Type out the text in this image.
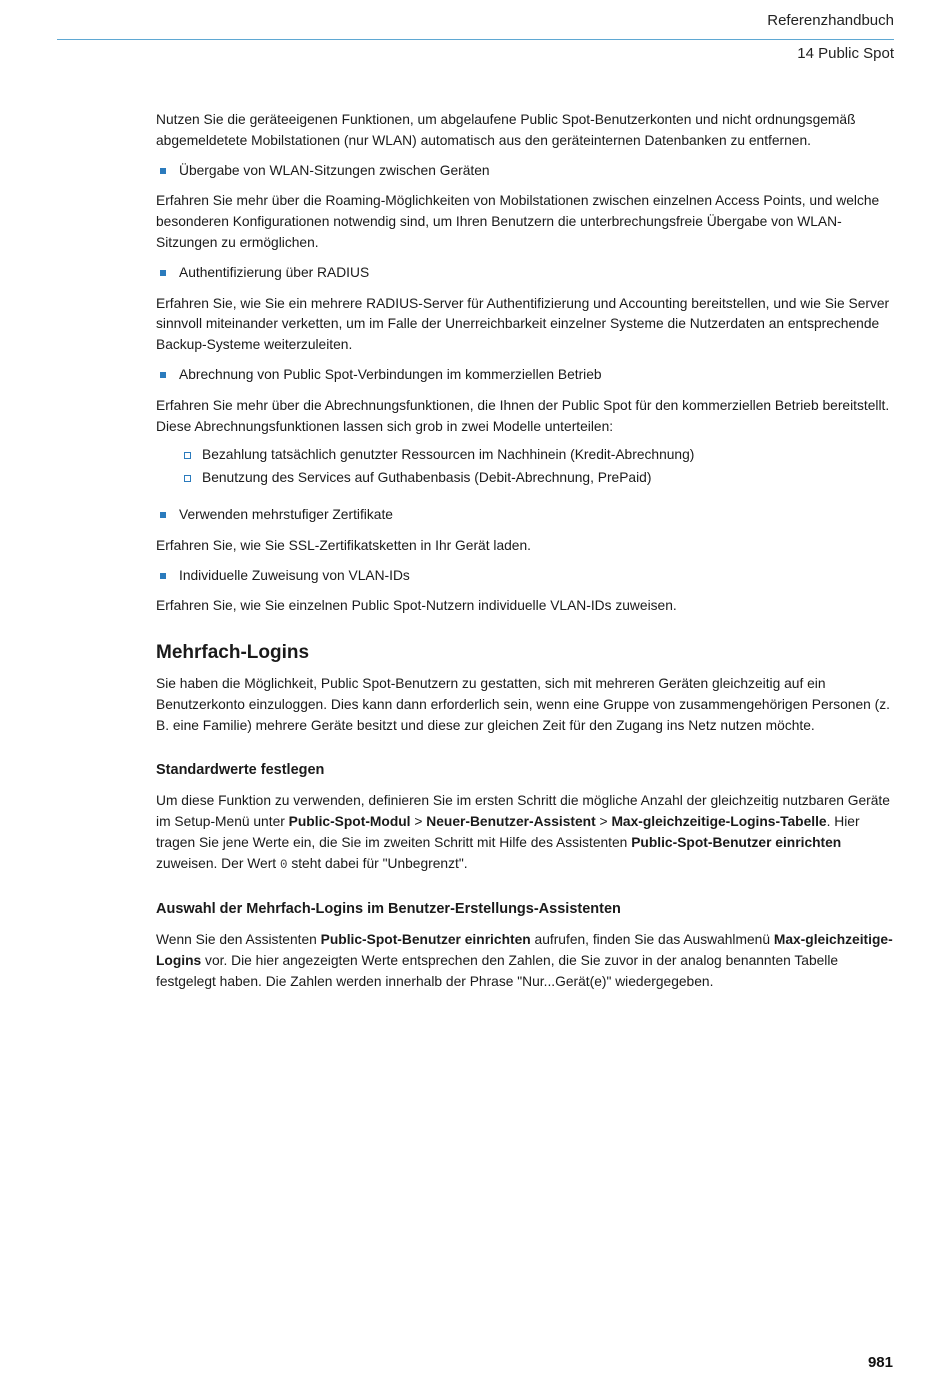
Referenzhandbuch
14 Public Spot

Nutzen Sie die geräteeigenen Funktionen, um abgelaufene Public Spot-Benutzerkonten und nicht ordnungsgemäß abgemeldetete Mobilstationen (nur WLAN) automatisch aus den geräteinternen Datenbanken zu entfernen.

Übergabe von WLAN-Sitzungen zwischen Geräten

Erfahren Sie mehr über die Roaming-Möglichkeiten von Mobilstationen zwischen einzelnen Access Points, und welche besonderen Konfigurationen notwendig sind, um Ihren Benutzern die unterbrechungsfreie Übergabe von WLAN-Sitzungen zu ermöglichen.

Authentifizierung über RADIUS

Erfahren Sie, wie Sie ein mehrere RADIUS-Server für Authentifizierung und Accounting bereitstellen, und wie Sie Server sinnvoll miteinander verketten, um im Falle der Unerreichbarkeit einzelner Systeme die Nutzerdaten an entsprechende Backup-Systeme weiterzuleiten.

Abrechnung von Public Spot-Verbindungen im kommerziellen Betrieb

Erfahren Sie mehr über die Abrechnungsfunktionen, die Ihnen der Public Spot für den kommerziellen Betrieb bereitstellt. Diese Abrechnungsfunktionen lassen sich grob in zwei Modelle unterteilen:

Bezahlung tatsächlich genutzter Ressourcen im Nachhinein (Kredit-Abrechnung)
Benutzung des Services auf Guthabenbasis (Debit-Abrechnung, PrePaid)
Verwenden mehrstufiger Zertifikate

Erfahren Sie, wie Sie SSL-Zertifikatsketten in Ihr Gerät laden.

Individuelle Zuweisung von VLAN-IDs

Erfahren Sie, wie Sie einzelnen Public Spot-Nutzern individuelle VLAN-IDs zuweisen.

Mehrfach-Logins

Sie haben die Möglichkeit, Public Spot-Benutzern zu gestatten, sich mit mehreren Geräten gleichzeitig auf ein Benutzerkonto einzuloggen. Dies kann dann erforderlich sein, wenn eine Gruppe von zusammengehörigen Personen (z. B. eine Familie) mehrere Geräte besitzt und diese zur gleichen Zeit für den Zugang ins Netz nutzen möchte.

Standardwerte festlegen

Um diese Funktion zu verwenden, definieren Sie im ersten Schritt die mögliche Anzahl der gleichzeitig nutzbaren Geräte im Setup-Menü unter Public-Spot-Modul > Neuer-Benutzer-Assistent > Max-gleichzeitige-Logins-Tabelle. Hier tragen Sie jene Werte ein, die Sie im zweiten Schritt mit Hilfe des Assistenten Public-Spot-Benutzer einrichten zuweisen. Der Wert 0 steht dabei für "Unbegrenzt".

Auswahl der Mehrfach-Logins im Benutzer-Erstellungs-Assistenten

Wenn Sie den Assistenten Public-Spot-Benutzer einrichten aufrufen, finden Sie das Auswahlmenü Max-gleichzeitige-Logins vor. Die hier angezeigten Werte entsprechen den Zahlen, die Sie zuvor in der analog benannten Tabelle festgelegt haben. Die Zahlen werden innerhalb der Phrase "Nur...Gerät(e)" wiedergegeben.

981
